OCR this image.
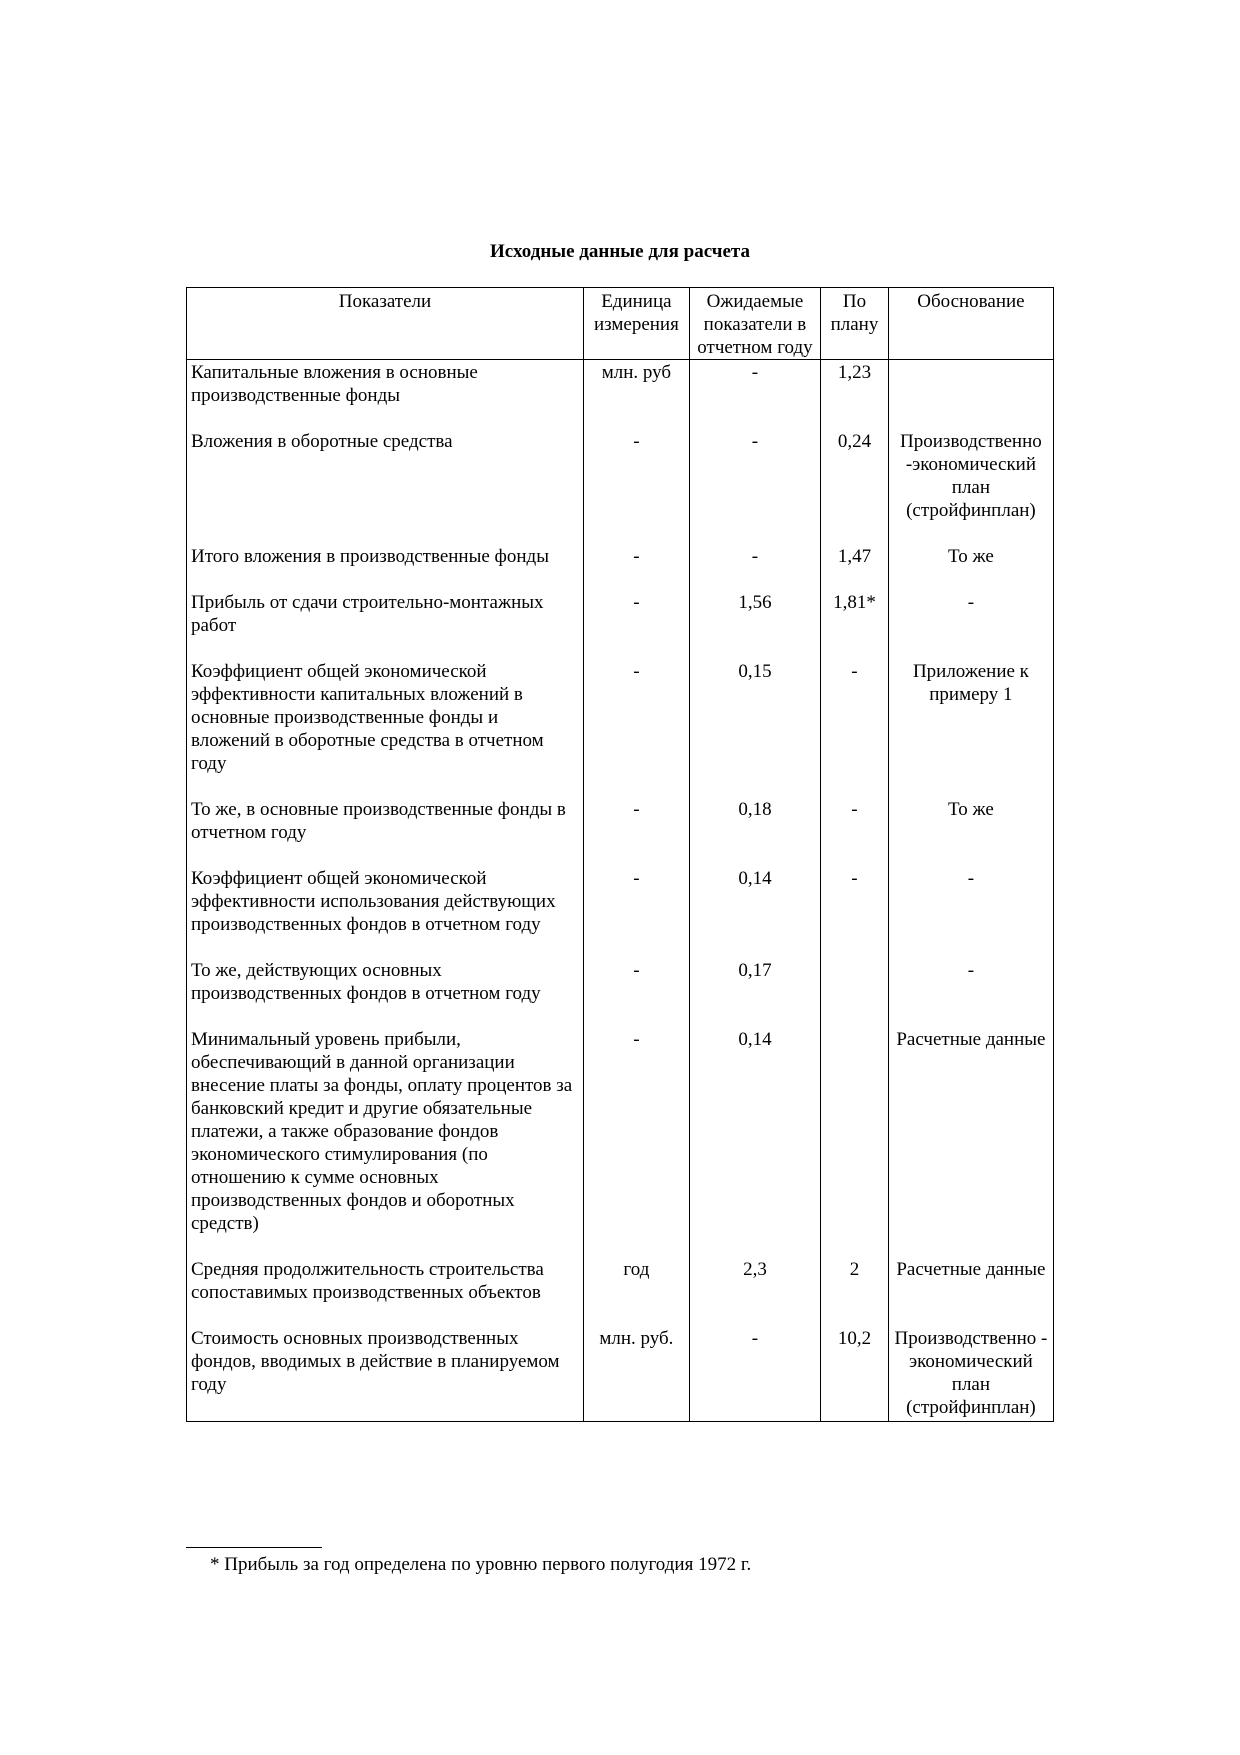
Исходные данные для расчета
Показатели	Единица измерения	Ожидаемые показатели в отчетном году	По плану	Обоснование
Капитальные вложения в основные производственные фонды	млн. руб	-	1,23	
Вложения в оборотные средства	-	-	0,24	Производственно -экономический план (стройфинплан)
Итого вложения в производственные фонды	-	-	1,47	То же
Прибыль от сдачи строительно-монтажных работ	-	1,56	1,81*	-
Коэффициент общей экономической эффективности капитальных вложений в основные производственные фонды и вложений в оборотные средства в отчетном году	-	0,15	-	Приложение к примеру 1
То же, в основные производственные фонды в отчетном году	-	0,18	-	То же
Коэффициент общей экономической эффективности использования действующих производственных фондов в отчетном году	-	0,14	-	-
То же, действующих основных производственных фондов в отчетном году	-	0,17		-
Минимальный уровень прибыли, обеспечивающий в данной организации внесение платы за фонды, оплату процентов за банковский кредит и другие обязательные платежи, а также образование фондов экономического стимулирования (по отношению к сумме основных производственных фондов и оборотных средств)	-	0,14		Расчетные данные
Средняя продолжительность строительства сопоставимых производственных объектов	год	2,3	2	Расчетные данные
Стоимость основных производственных фондов, вводимых в действие в планируемом году	млн. руб.	-	10,2	Производственно - экономический план (стройфинплан)
* Прибыль за год определена по уровню первого полугодия 1972 г.
